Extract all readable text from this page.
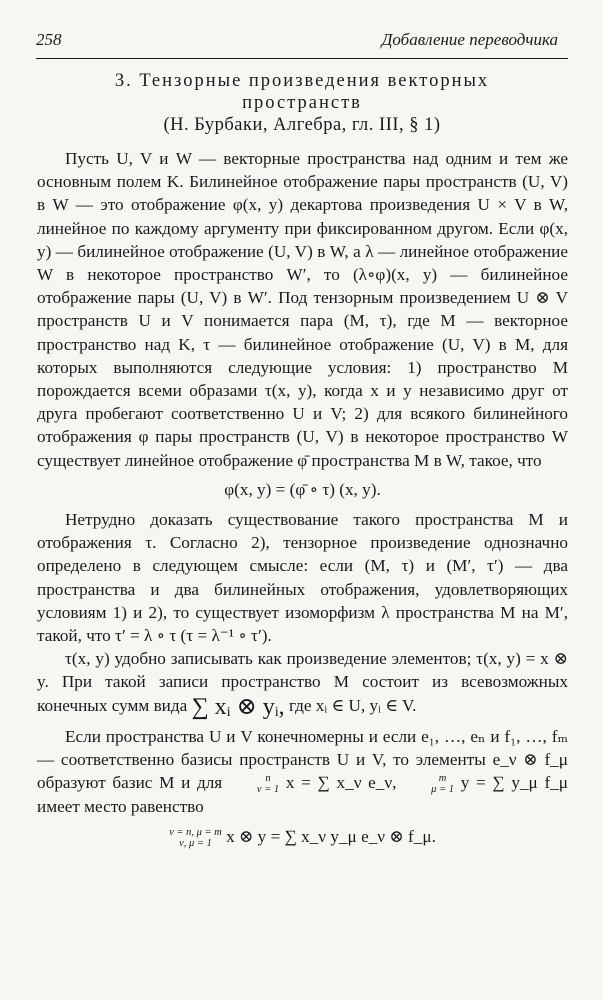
258	Добавление переводчика
3. Тензорные произведения векторных
пространств
(Н. Бурбаки, Алгебра, гл. III, § 1)

Пусть U, V и W — векторные пространства над одним и тем же основным полем K. Билинейное отображение пары пространств (U, V) в W — это отображение φ(x, y) декартова произведения U × V в W, линейное по каждому аргументу при фиксированном другом. Если φ(x, y) — билинейное отображение (U, V) в W, а λ — линейное отображение W в некоторое пространство W′, то (λ∘φ)(x, y) — билинейное отображение пары (U, V) в W′. Под тензорным произведением U ⊗ V пространств U и V понимается пара (M, τ), где M — векторное пространство над K, τ — билинейное отображение (U, V) в M, для которых выполняются следующие условия: 1) пространство M порождается всеми образами τ(x, y), когда x и y независимо друг от друга пробегают соответственно U и V; 2) для всякого билинейного отображения φ пары пространств (U, V) в некоторое пространство W существует линейное отображение φ̄ пространства M в W, такое, что

φ(x, y) = (φ̄ ∘ τ) (x, y).

Нетрудно доказать существование такого пространства M и отображения τ. Согласно 2), тензорное произведение однозначно определено в следующем смысле: если (M, τ) и (M′, τ′) — два пространства и два билинейных отображения, удовлетворяющих условиям 1) и 2), то существует изоморфизм λ пространства M на M′, такой, что τ′ = λ ∘ τ (τ = λ⁻¹ ∘ τ′).

τ(x, y) удобно записывать как произведение элементов; τ(x, y) = x ⊗ y. При такой записи пространство M состоит из всевозможных конечных сумм вида ∑ xᵢ ⊗ yᵢ, где xᵢ ∈ U, yᵢ ∈ V.

Если пространства U и V конечномерны и если e₁, …, eₙ и f₁, …, fₘ — соответственно базисы пространств U и V, то элементы e_ν ⊗ f_μ образуют базис M и для	n
ν = 1 x = ∑ x_ν e_ν,	m
μ = 1 y = ∑ y_μ f_μ имеет место равенство

ν = n, μ = m
ν, μ = 1 x ⊗ y = ∑ x_ν y_μ e_ν ⊗ f_μ.
